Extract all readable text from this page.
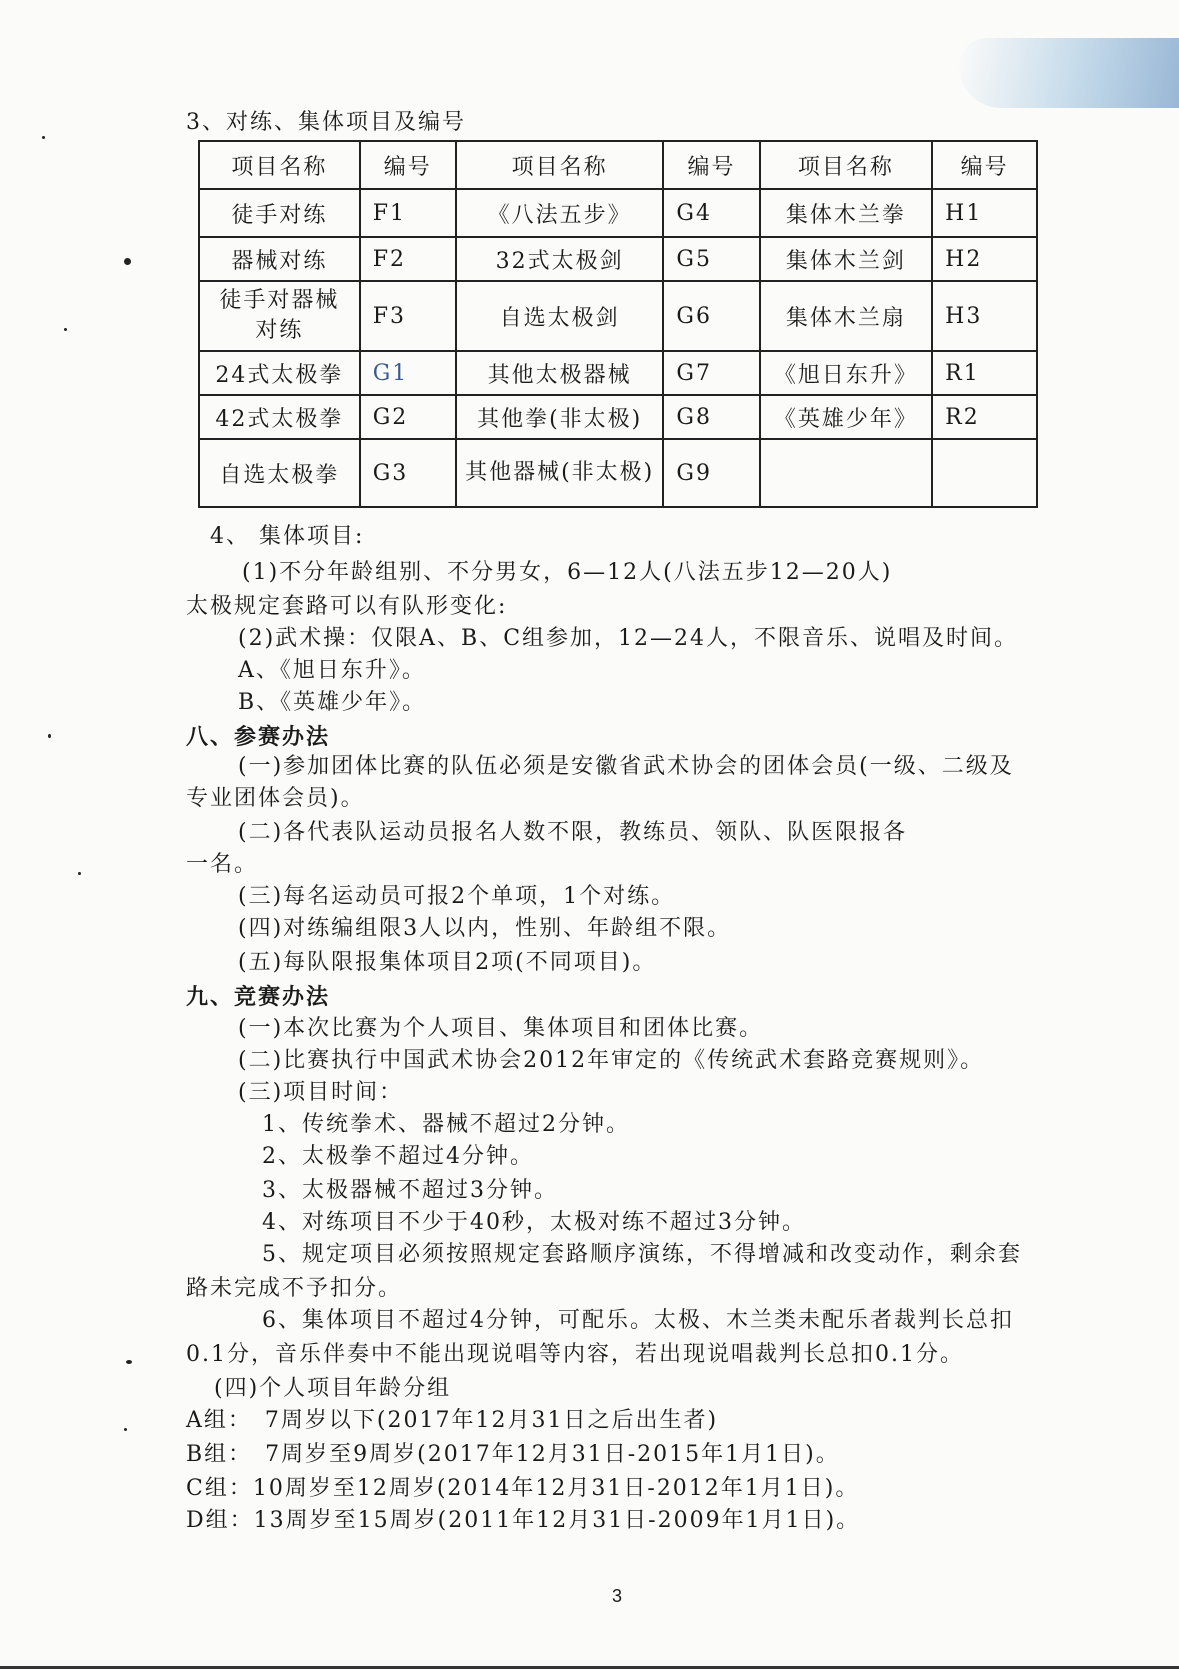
3、对练、集体项目及编号
项目名称	编号	项目名称	编号	项目名称	编号
徒手对练	F1	《八法五步》	G4	集体木兰拳	H1
器械对练	F2	32式太极剑	G5	集体木兰剑	H2
徒手对器械对练	F3	自选太极剑	G6	集体木兰扇	H3
24式太极拳	G1	其他太极器械	G7	《旭日东升》	R1
42式太极拳	G2	其他拳(非太极)	G8	《英雄少年》	R2
自选太极拳	G3	其他器械(非太极)	G9		
4、 集体项目:
(1)不分年龄组别、不分男女，6—12人(八法五步12—20人)
太极规定套路可以有队形变化:
(2)武术操：仅限A、B、C组参加，12—24人，不限音乐、说唱及时间。
A、《旭日东升》。
B、《英雄少年》。
八、参赛办法
(一)参加团体比赛的队伍必须是安徽省武术协会的团体会员(一级、二级及
专业团体会员)。
(二)各代表队运动员报名人数不限，教练员、领队、队医限报各
一名。
(三)每名运动员可报2个单项，1个对练。
(四)对练编组限3人以内，性别、年龄组不限。
(五)每队限报集体项目2项(不同项目)。
九、竞赛办法
(一)本次比赛为个人项目、集体项目和团体比赛。
(二)比赛执行中国武术协会2012年审定的《传统武术套路竞赛规则》。
(三)项目时间：
1、传统拳术、器械不超过2分钟。
2、太极拳不超过4分钟。
3、太极器械不超过3分钟。
4、对练项目不少于40秒，太极对练不超过3分钟。
5、规定项目必须按照规定套路顺序演练，不得增减和改变动作，剩余套
路未完成不予扣分。
6、集体项目不超过4分钟，可配乐。太极、木兰类未配乐者裁判长总扣
0.1分，音乐伴奏中不能出现说唱等内容，若出现说唱裁判长总扣0.1分。
(四)个人项目年龄分组
A组：　7周岁以下(2017年12月31日之后出生者)
B组：　7周岁至9周岁(2017年12月31日-2015年1月1日)。
C组：10周岁至12周岁(2014年12月31日-2012年1月1日)。
D组：13周岁至15周岁(2011年12月31日-2009年1月1日)。
3
